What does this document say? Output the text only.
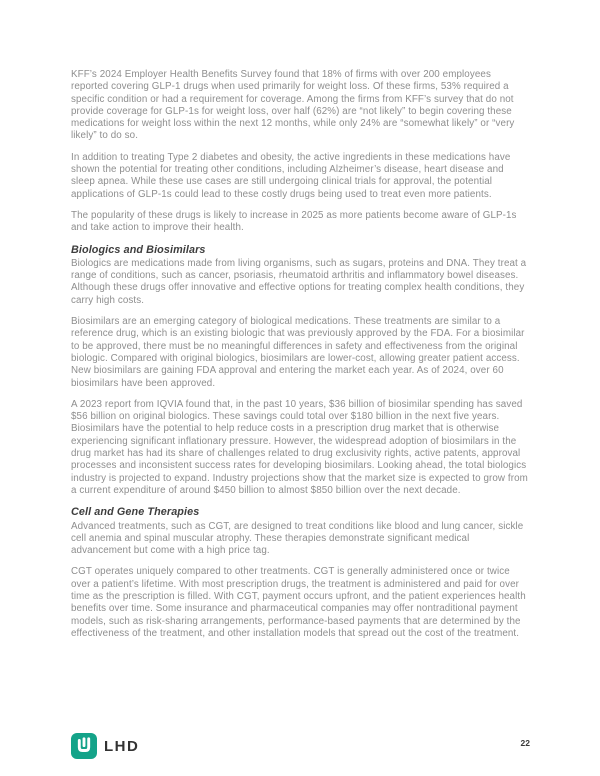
KFF’s 2024 Employer Health Benefits Survey found that 18% of firms with over 200 employees reported covering GLP-1 drugs when used primarily for weight loss. Of these firms, 53% required a specific condition or had a requirement for coverage. Among the firms from KFF’s survey that do not provide coverage for GLP-1s for weight loss, over half (62%) are “not likely” to begin covering these medications for weight loss within the next 12 months, while only 24% are “somewhat likely” or “very likely” to do so.

In addition to treating Type 2 diabetes and obesity, the active ingredients in these medications have shown the potential for treating other conditions, including Alzheimer’s disease, heart disease and sleep apnea. While these use cases are still undergoing clinical trials for approval, the potential applications of GLP-1s could lead to these costly drugs being used to treat even more patients.

The popularity of these drugs is likely to increase in 2025 as more patients become aware of GLP-1s and take action to improve their health.

Biologics and Biosimilars

Biologics are medications made from living organisms, such as sugars, proteins and DNA. They treat a range of conditions, such as cancer, psoriasis, rheumatoid arthritis and inflammatory bowel diseases. Although these drugs offer innovative and effective options for treating complex health conditions, they carry high costs.

Biosimilars are an emerging category of biological medications. These treatments are similar to a reference drug, which is an existing biologic that was previously approved by the FDA. For a biosimilar to be approved, there must be no meaningful differences in safety and effectiveness from the original biologic. Compared with original biologics, biosimilars are lower-cost, allowing greater patient access. New biosimilars are gaining FDA approval and entering the market each year. As of 2024, over 60 biosimilars have been approved.

A 2023 report from IQVIA found that, in the past 10 years, $36 billion of biosimilar spending has saved $56 billion on original biologics. These savings could total over $180 billion in the next five years. Biosimilars have the potential to help reduce costs in a prescription drug market that is otherwise experiencing significant inflationary pressure. However, the widespread adoption of biosimilars in the drug market has had its share of challenges related to drug exclusivity rights, active patents, approval processes and inconsistent success rates for developing biosimilars. Looking ahead, the total biologics industry is projected to expand. Industry projections show that the market size is expected to grow from a current expenditure of around $450 billion to almost $850 billion over the next decade.

Cell and Gene Therapies

Advanced treatments, such as CGT, are designed to treat conditions like blood and lung cancer, sickle cell anemia and spinal muscular atrophy. These therapies demonstrate significant medical advancement but come with a high price tag.

CGT operates uniquely compared to other treatments. CGT is generally administered once or twice over a patient’s lifetime. With most prescription drugs, the treatment is administered and paid for over time as the prescription is filled. With CGT, payment occurs upfront, and the patient experiences health benefits over time. Some insurance and pharmaceutical companies may offer nontraditional payment models, such as risk-sharing arrangements, performance-based payments that are determined by the effectiveness of the treatment, and other installation models that spread out the cost of the treatment.

LHD	22
